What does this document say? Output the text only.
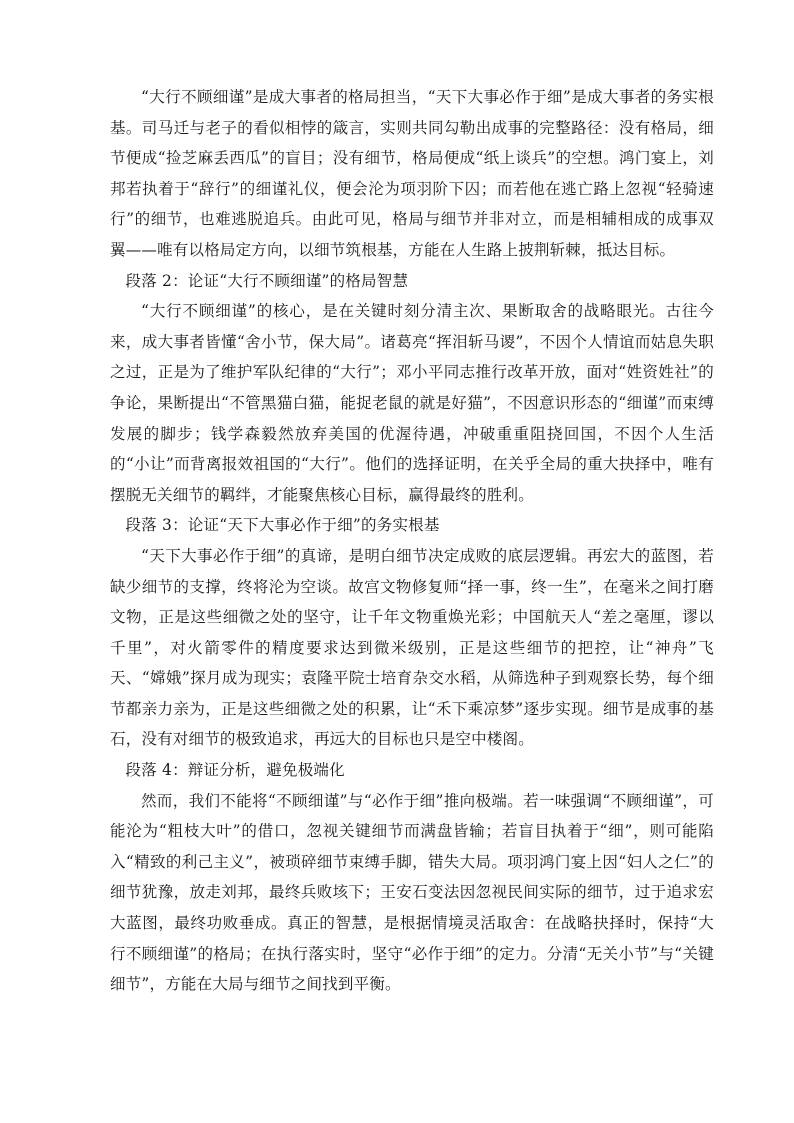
“大行不顾细谨”是成大事者的格局担当，“天下大事必作于细”是成大事者的务实根基。司马迁与老子的看似相悖的箴言，实则共同勾勒出成事的完整路径：没有格局，细节便成“捡芝麻丢西瓜”的盲目；没有细节，格局便成“纸上谈兵”的空想。鸿门宴上，刘邦若执着于“辞行”的细谨礼仪，便会沦为项羽阶下囚；而若他在逃亡路上忽视“轻骑速行”的细节，也难逃脱追兵。由此可见，格局与细节并非对立，而是相辅相成的成事双翼——唯有以格局定方向，以细节筑根基，方能在人生路上披荆斩棘，抵达目标。

段落 2：论证“大行不顾细谨”的格局智慧

“大行不顾细谨”的核心，是在关键时刻分清主次、果断取舍的战略眼光。古往今来，成大事者皆懂“舍小节，保大局”。诸葛亮“挥泪斩马谡”，不因个人情谊而姑息失职之过，正是为了维护军队纪律的“大行”；邓小平同志推行改革开放，面对“姓资姓社”的争论，果断提出“不管黑猫白猫，能捉老鼠的就是好猫”，不因意识形态的“细谨”而束缚发展的脚步；钱学森毅然放弃美国的优渥待遇，冲破重重阻挠回国，不因个人生活的“小让”而背离报效祖国的“大行”。他们的选择证明，在关乎全局的重大抉择中，唯有摆脱无关细节的羁绊，才能聚焦核心目标，赢得最终的胜利。

段落 3：论证“天下大事必作于细”的务实根基

“天下大事必作于细”的真谛，是明白细节决定成败的底层逻辑。再宏大的蓝图，若缺少细节的支撑，终将沦为空谈。故宫文物修复师“择一事，终一生”，在毫米之间打磨文物，正是这些细微之处的坚守，让千年文物重焕光彩；中国航天人“差之毫厘，谬以千里”，对火箭零件的精度要求达到微米级别，正是这些细节的把控，让“神舟”飞天、“嫦娥”探月成为现实；袁隆平院士培育杂交水稻，从筛选种子到观察长势，每个细节都亲力亲为，正是这些细微之处的积累，让“禾下乘凉梦”逐步实现。细节是成事的基石，没有对细节的极致追求，再远大的目标也只是空中楼阁。

段落 4：辩证分析，避免极端化

然而，我们不能将“不顾细谨”与“必作于细”推向极端。若一味强调“不顾细谨”，可能沦为“粗枝大叶”的借口，忽视关键细节而满盘皆输；若盲目执着于“细”，则可能陷入“精致的利己主义”，被琐碎细节束缚手脚，错失大局。项羽鸿门宴上因“妇人之仁”的细节犹豫，放走刘邦，最终兵败垓下；王安石变法因忽视民间实际的细节，过于追求宏大蓝图，最终功败垂成。真正的智慧，是根据情境灵活取舍：在战略抉择时，保持“大行不顾细谨”的格局；在执行落实时，坚守“必作于细”的定力。分清“无关小节”与“关键细节”，方能在大局与细节之间找到平衡。
